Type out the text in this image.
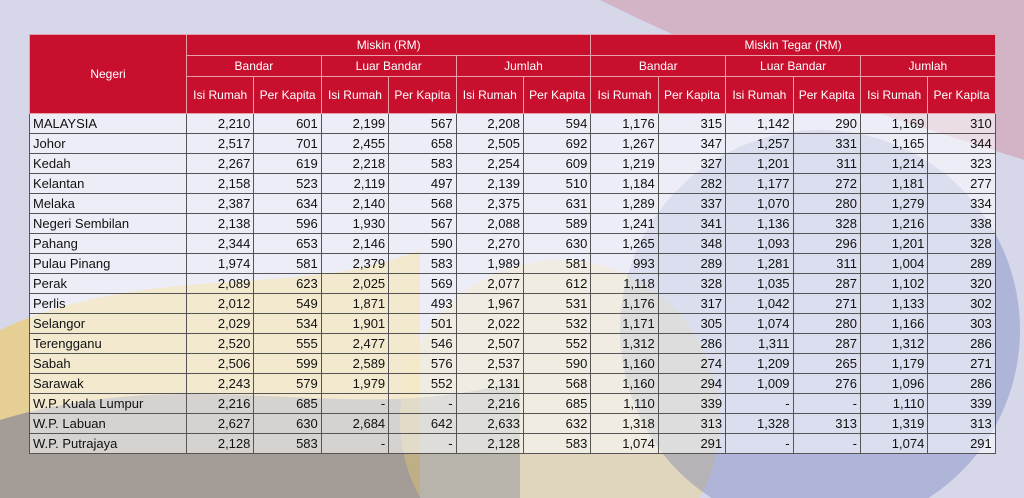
Negeri	Miskin (RM)						Miskin Tegar (RM)					
	Bandar		Luar Bandar		Jumlah		Bandar		Luar Bandar		Jumlah	
	Isi Rumah	Per Kapita	Isi Rumah	Per Kapita	Isi Rumah	Per Kapita	Isi Rumah	Per Kapita	Isi Rumah	Per Kapita	Isi Rumah	Per Kapita
MALAYSIA	2,210	601	2,199	567	2,208	594	1,176	315	1,142	290	1,169	310
Johor	2,517	701	2,455	658	2,505	692	1,267	347	1,257	331	1,165	344
Kedah	2,267	619	2,218	583	2,254	609	1,219	327	1,201	311	1,214	323
Kelantan	2,158	523	2,119	497	2,139	510	1,184	282	1,177	272	1,181	277
Melaka	2,387	634	2,140	568	2,375	631	1,289	337	1,070	280	1,279	334
Negeri Sembilan	2,138	596	1,930	567	2,088	589	1,241	341	1,136	328	1,216	338
Pahang	2,344	653	2,146	590	2,270	630	1,265	348	1,093	296	1,201	328
Pulau Pinang	1,974	581	2,379	583	1,989	581	993	289	1,281	311	1,004	289
Perak	2,089	623	2,025	569	2,077	612	1,118	328	1,035	287	1,102	320
Perlis	2,012	549	1,871	493	1,967	531	1,176	317	1,042	271	1,133	302
Selangor	2,029	534	1,901	501	2,022	532	1,171	305	1,074	280	1,166	303
Terengganu	2,520	555	2,477	546	2,507	552	1,312	286	1,311	287	1,312	286
Sabah	2,506	599	2,589	576	2,537	590	1,160	274	1,209	265	1,179	271
Sarawak	2,243	579	1,979	552	2,131	568	1,160	294	1,009	276	1,096	286
W.P. Kuala Lumpur	2,216	685	-	-	2,216	685	1,110	339	-	-	1,110	339
W.P. Labuan	2,627	630	2,684	642	2,633	632	1,318	313	1,328	313	1,319	313
W.P. Putrajaya	2,128	583	-	-	2,128	583	1,074	291	-	-	1,074	291
